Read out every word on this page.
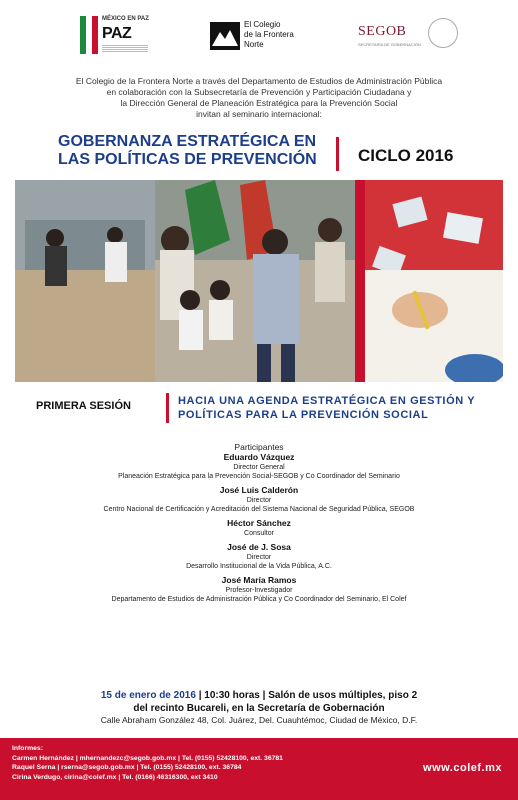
MÉXICO EN PAZ
PAZ
El Colegio
de la Frontera
Norte
SEGOB
SECRETARÍA DE GOBERNACIÓN
El Colegio de la Frontera Norte a través del Departamento de Estudios de Administración Pública
en colaboración con la Subsecretaría de Prevención y Participación Ciudadana y
la Dirección General de Planeación Estratégica para la Prevención Social
invitan al seminario internacional:
GOBERNANZA ESTRATÉGICA EN
LAS POLÍTICAS DE PREVENCIÓN	CICLO 2016
PRIMERA SESIÓN	HACIA UNA AGENDA ESTRATÉGICA EN GESTIÓN Y
POLÍTICAS PARA LA PREVENCIÓN SOCIAL
Participantes
Eduardo Vázquez
Director General
Planeación Estratégica para la Prevención Social-SEGOB y Co Coordinador del Seminario
José Luis Calderón
Director
Centro Nacional de Certificación y Acreditación del Sistema Nacional de Seguridad Pública, SEGOB
Héctor Sánchez
Consultor
José de J. Sosa
Director
Desarrollo Institucional de la Vida Pública, A.C.
José María Ramos
Profesor-Investigador
Departamento de Estudios de Administración Pública y Co Coordinador del Seminario, El Colef
15 de enero de 2016 | 10:30 horas | Salón de usos múltiples, piso 2
del recinto Bucareli, en la Secretaría de Gobernación
Calle Abraham González 48, Col. Juárez, Del. Cuauhtémoc, Ciudad de México, D.F.
Informes:
Carmen Hernández | mhernandezc@segob.gob.mx | Tel. (0155) 52428100, ext. 36781
Raquel Serna | rserna@segob.gob.mx | Tel. (0155) 52428100, ext. 36784
Cirina Verdugo, cirina@colef.mx | Tel. (0166) 46316300, ext 3410
www.colef.mx
